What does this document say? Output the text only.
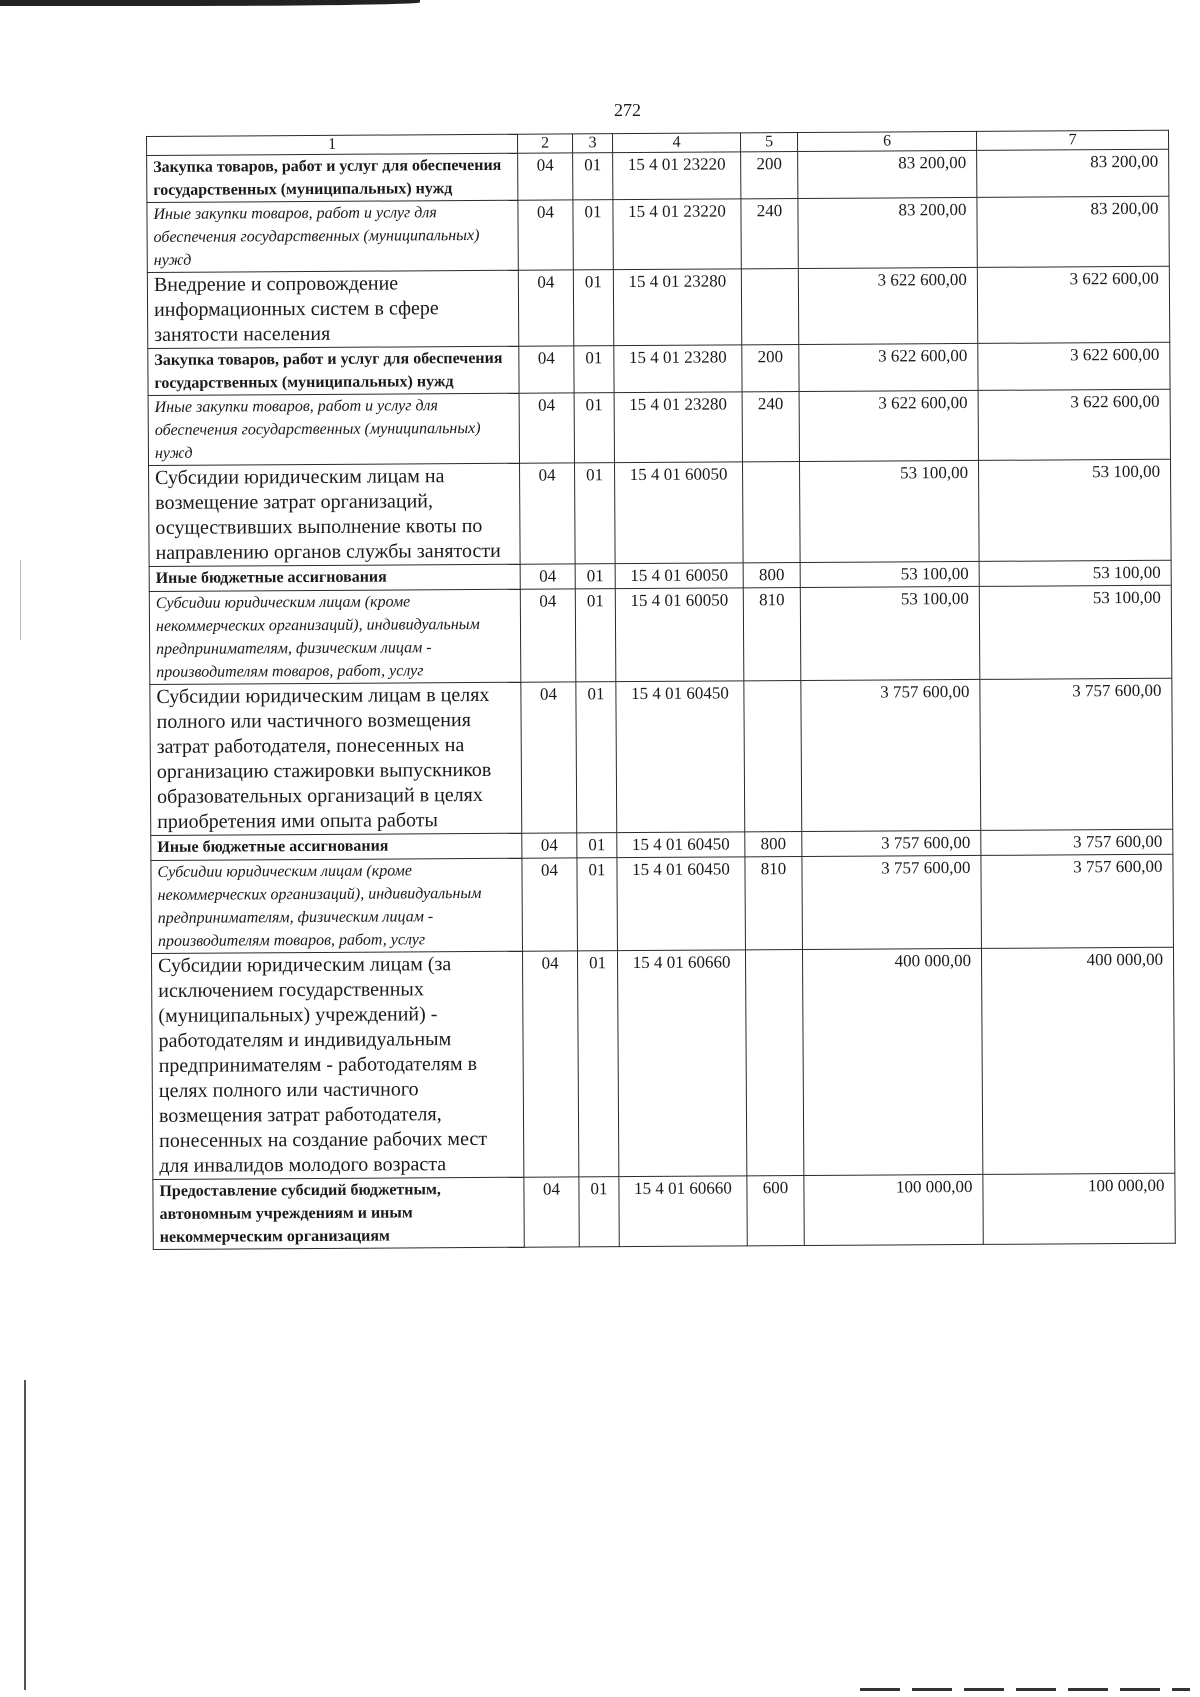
272
1	2	3	4	5	6	7
Закупка товаров, работ и услуг для обеспечения государственных (муниципальных) нужд	04	01	15 4 01 23220	200	83 200,00	83 200,00
Иные закупки товаров, работ и услуг для обеспечения государственных (муниципальных) нужд	04	01	15 4 01 23220	240	83 200,00	83 200,00
Внедрение и сопровождение информационных систем в сфере занятости населения	04	01	15 4 01 23280		3 622 600,00	3 622 600,00
Закупка товаров, работ и услуг для обеспечения государственных (муниципальных) нужд	04	01	15 4 01 23280	200	3 622 600,00	3 622 600,00
Иные закупки товаров, работ и услуг для обеспечения государственных (муниципальных) нужд	04	01	15 4 01 23280	240	3 622 600,00	3 622 600,00
Субсидии юридическим лицам на возмещение затрат организаций, осуществивших выполнение квоты по направлению органов службы занятости	04	01	15 4 01 60050		53 100,00	53 100,00
Иные бюджетные ассигнования	04	01	15 4 01 60050	800	53 100,00	53 100,00
Субсидии юридическим лицам (кроме некоммерческих организаций), индивидуальным предпринимателям, физическим лицам - производителям товаров, работ, услуг	04	01	15 4 01 60050	810	53 100,00	53 100,00
Субсидии юридическим лицам в целях полного или частичного возмещения затрат работодателя, понесенных на организацию стажировки выпускников образовательных организаций в целях приобретения ими опыта работы	04	01	15 4 01 60450		3 757 600,00	3 757 600,00
Иные бюджетные ассигнования	04	01	15 4 01 60450	800	3 757 600,00	3 757 600,00
Субсидии юридическим лицам (кроме некоммерческих организаций), индивидуальным предпринимателям, физическим лицам - производителям товаров, работ, услуг	04	01	15 4 01 60450	810	3 757 600,00	3 757 600,00
Субсидии юридическим лицам (за исключением государственных (муниципальных) учреждений) - работодателям и индивидуальным предпринимателям - работодателям в целях полного или частичного возмещения затрат работодателя, понесенных на создание рабочих мест для инвалидов молодого возраста	04	01	15 4 01 60660		400 000,00	400 000,00
Предоставление субсидий бюджетным, автономным учреждениям и иным некоммерческим организациям	04	01	15 4 01 60660	600	100 000,00	100 000,00
